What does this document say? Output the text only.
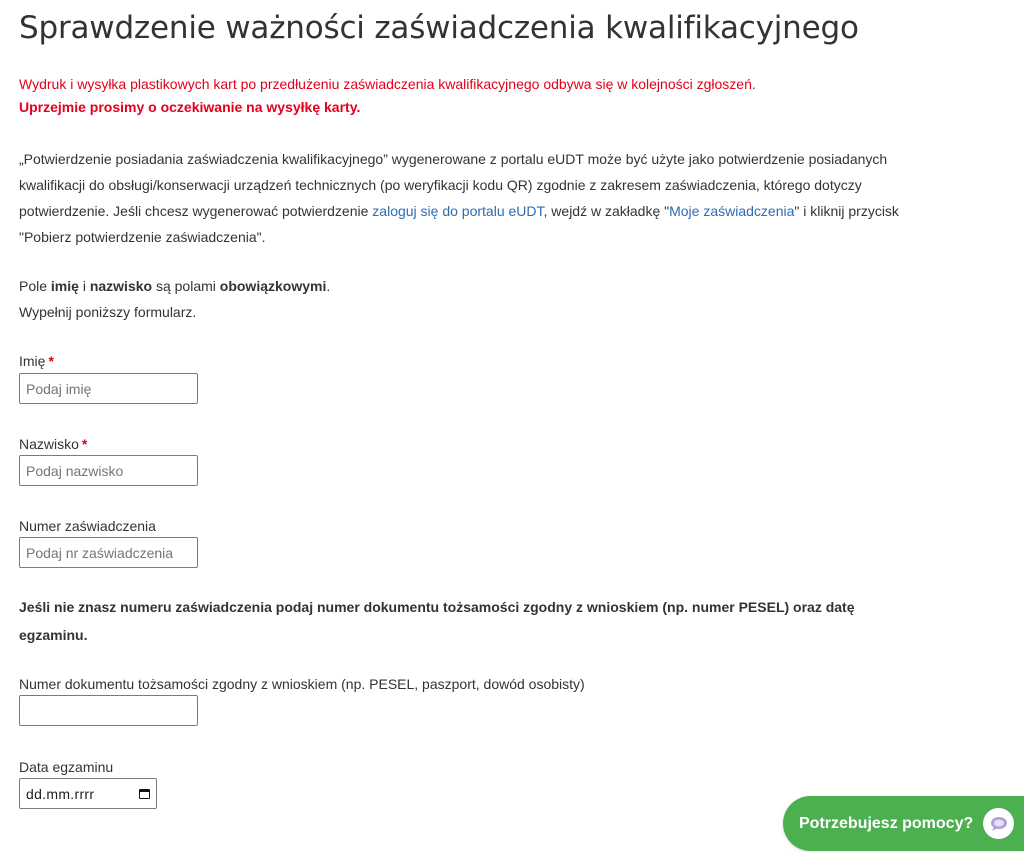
Sprawdzenie ważności zaświadczenia kwalifikacyjnego
Wydruk i wysyłka plastikowych kart po przedłużeniu zaświadczenia kwalifikacyjnego odbywa się w kolejności zgłoszeń.
Uprzejmie prosimy o oczekiwanie na wysyłkę karty.
„Potwierdzenie posiadania zaświadczenia kwalifikacyjnego” wygenerowane z portalu eUDT może być użyte jako potwierdzenie posiadanych kwalifikacji do obsługi/konserwacji urządzeń technicznych (po weryfikacji kodu QR) zgodnie z zakresem zaświadczenia, którego dotyczy potwierdzenie. Jeśli chcesz wygenerować potwierdzenie zaloguj się do portalu eUDT, wejdź w zakładkę "Moje zaświadczenia" i kliknij przycisk "Pobierz potwierdzenie zaświadczenia".
Pole imię i nazwisko są polami obowiązkowymi.
Wypełnij poniższy formularz.
Imię *
Podaj imię
Nazwisko *
Podaj nazwisko
Numer zaświadczenia
Podaj nr zaświadczenia
Jeśli nie znasz numeru zaświadczenia podaj numer dokumentu tożsamości zgodny z wnioskiem (np. numer PESEL) oraz datę egzaminu.
Numer dokumentu tożsamości zgodny z wnioskiem (np. PESEL, paszport, dowód osobisty)
Data egzaminu
dd.mm.rrrr
Potrzebujesz pomocy?
